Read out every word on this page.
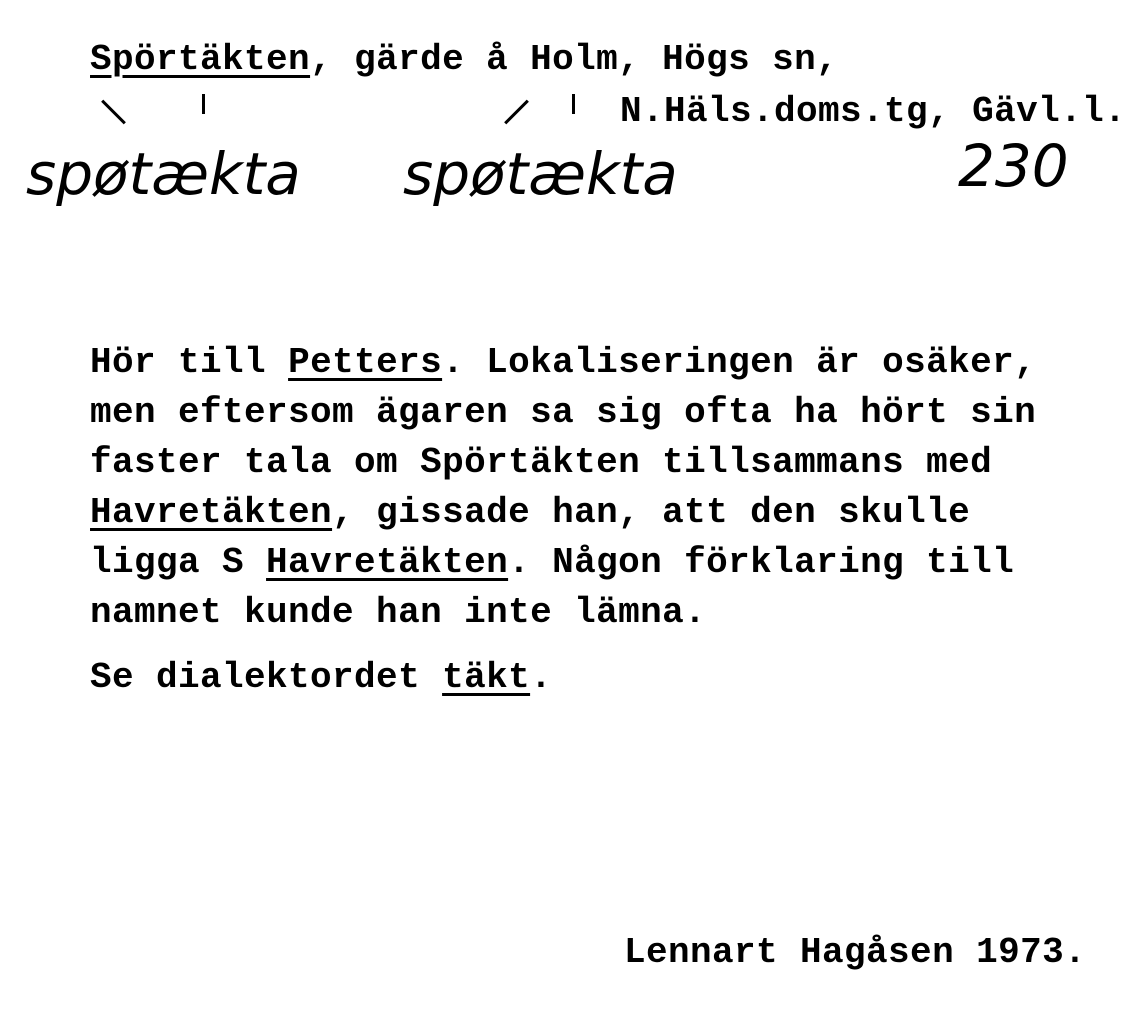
Spörtäkten, gärde å Holm, Högs sn,

N.Häls.doms.tg, Gävl.l.

spøtækta spøtækta	230

Hör till Petters. Lokaliseringen är osäker,

men eftersom ägaren sa sig ofta ha hört sin

faster tala om Spörtäkten tillsammans med

Havretäkten, gissade han, att den skulle

ligga S Havretäkten. Någon förklaring till

namnet kunde han inte lämna.

Se dialektordet täkt.

Lennart Hagåsen 1973.
